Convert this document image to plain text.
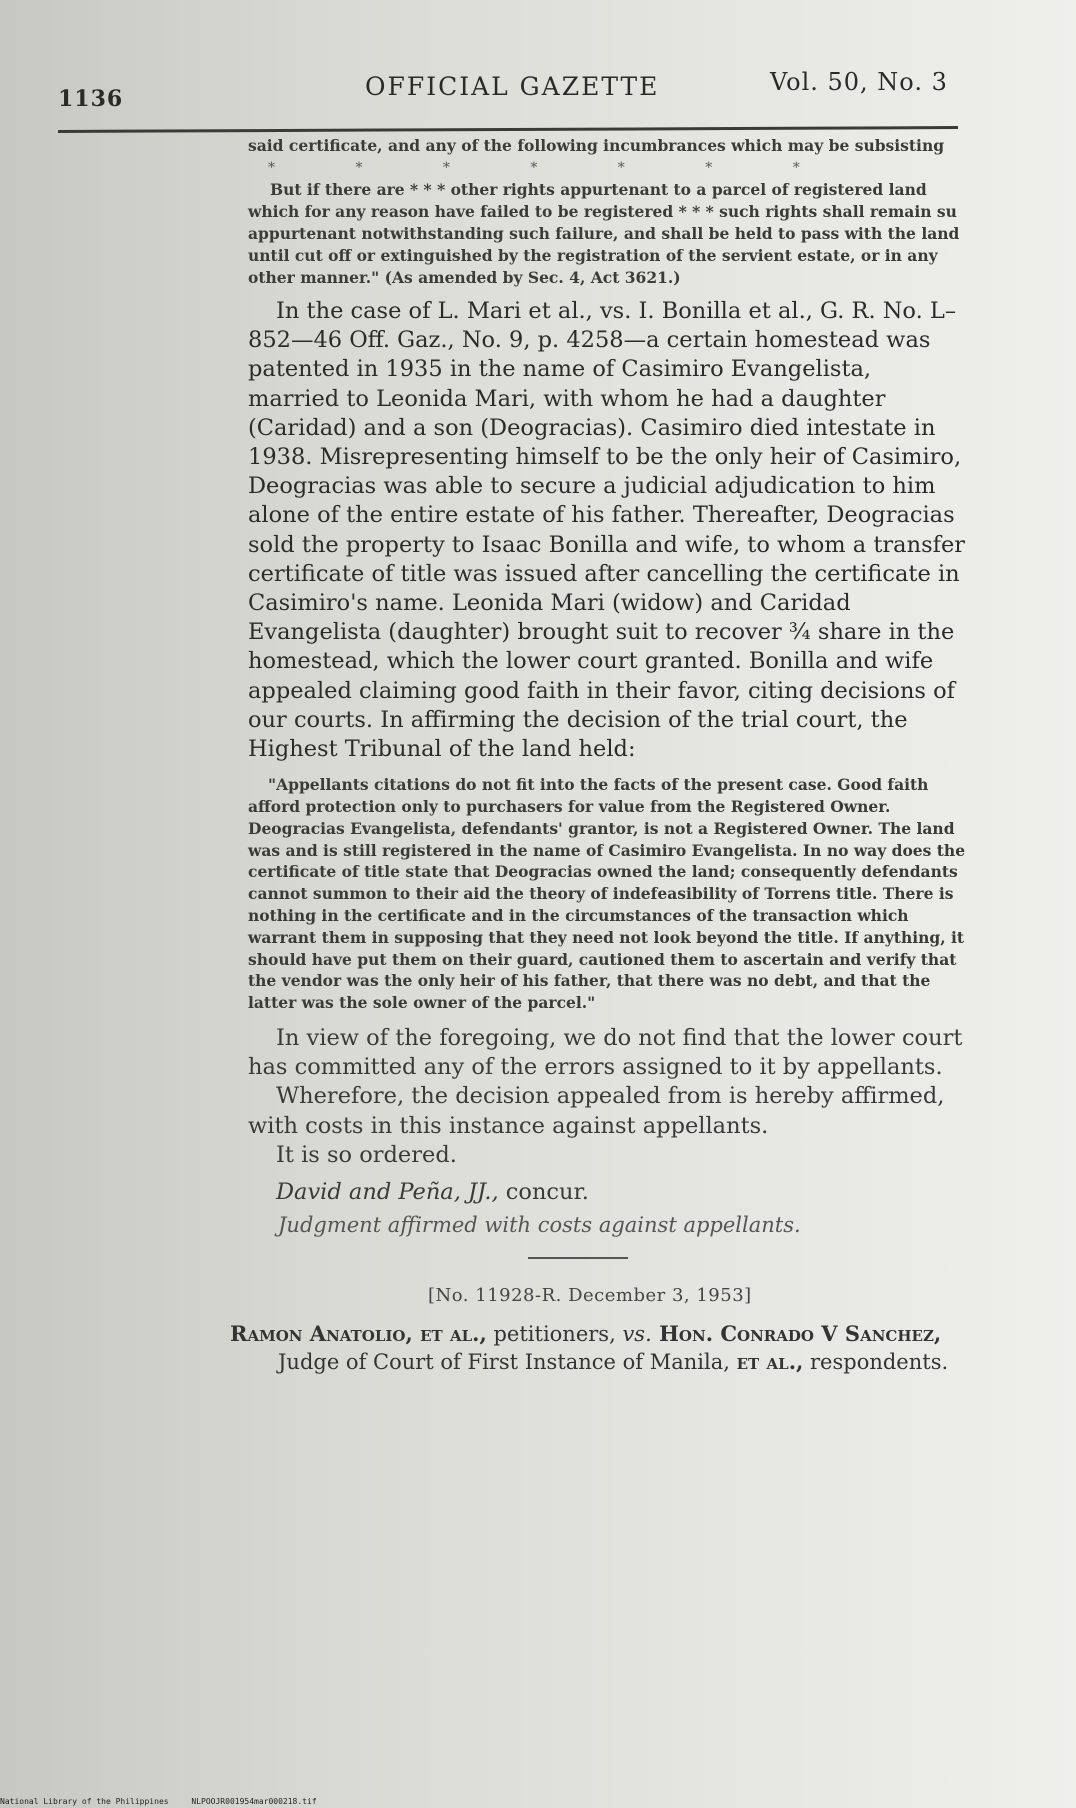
1136	OFFICIAL GAZETTE	Vol. 50, No. 3

said certificate, and any of the following incumbrances which may be subsisting

* * * * * * *

But if there are * * * other rights appurtenant to a parcel of registered land which for any reason have failed to be registered * * * such rights shall remain su appurtenant notwithstanding such failure, and shall be held to pass with the land until cut off or extinguished by the registration of the servient estate, or in any other manner." (As amended by Sec. 4, Act 3621.)

In the case of L. Mari et al., vs. I. Bonilla et al., G. R. No. L–852—46 Off. Gaz., No. 9, p. 4258—a certain homestead was patented in 1935 in the name of Casimiro Evangelista, married to Leonida Mari, with whom he had a daughter (Caridad) and a son (Deogracias). Casimiro died intestate in 1938. Misrepresenting himself to be the only heir of Casimiro, Deogracias was able to secure a judicial adjudication to him alone of the entire estate of his father. Thereafter, Deogracias sold the property to Isaac Bonilla and wife, to whom a transfer certificate of title was issued after cancelling the certificate in Casimiro's name. Leonida Mari (widow) and Caridad Evangelista (daughter) brought suit to recover ¾ share in the homestead, which the lower court granted. Bonilla and wife appealed claiming good faith in their favor, citing decisions of our courts. In affirming the decision of the trial court, the Highest Tribunal of the land held:

"Appellants citations do not fit into the facts of the present case. Good faith afford protection only to purchasers for value from the Registered Owner. Deogracias Evangelista, defendants' grantor, is not a Registered Owner. The land was and is still registered in the name of Casimiro Evangelista. In no way does the certificate of title state that Deogracias owned the land; consequently defendants cannot summon to their aid the theory of indefeasibility of Torrens title. There is nothing in the certificate and in the circumstances of the transaction which warrant them in supposing that they need not look beyond the title. If anything, it should have put them on their guard, cautioned them to ascertain and verify that the vendor was the only heir of his father, that there was no debt, and that the latter was the sole owner of the parcel."

In view of the foregoing, we do not find that the lower court has committed any of the errors assigned to it by appellants.

Wherefore, the decision appealed from is hereby affirmed, with costs in this instance against appellants.

It is so ordered.

David and Peña, JJ., concur.

Judgment affirmed with costs against appellants.

[No. 11928-R. December 3, 1953]

Ramon Anatolio, et al., petitioners, vs. Hon. Conrado V Sanchez, Judge of Court of First Instance of Manila, et al., respondents.

National Library of the Philippines	NLPOOJR001954mar000218.tif
